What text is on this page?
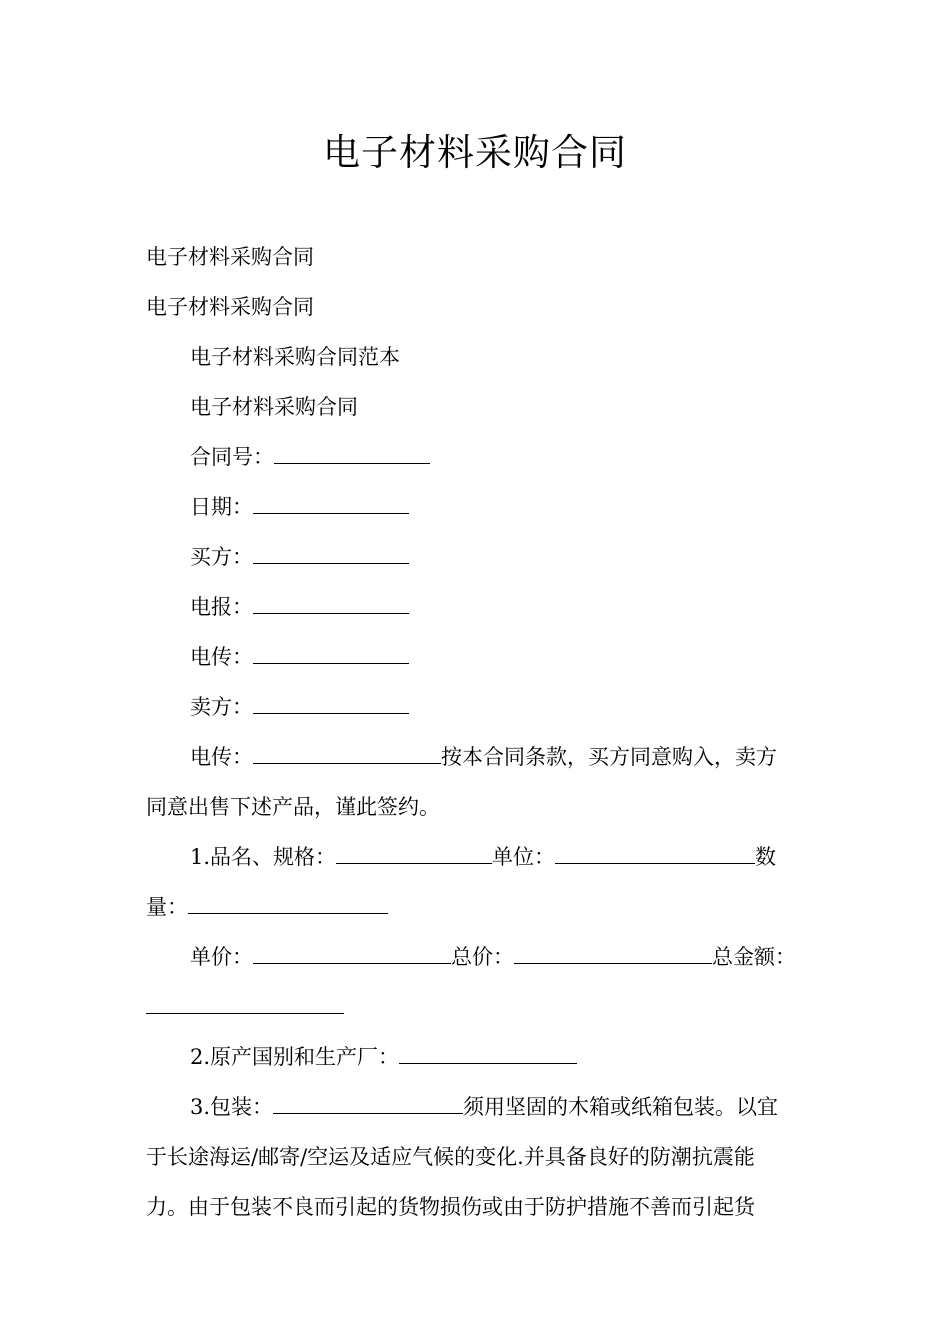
电子材料采购合同

电子材料采购合同

电子材料采购合同

电子材料采购合同范本

电子材料采购合同

合同号：

日期：

买方：

电报：

电传：

卖方：

电传：	按本合同条款，买方同意购入，卖方

同意出售下述产品，谨此签约。

1.品名、规格：	单位：	数

量：

单价：	总价：	总金额：

2.原产国别和生产厂：

3.包装：	须用坚固的木箱或纸箱包装。以宜

于长途海运/邮寄/空运及适应气候的变化.并具备良好的防潮抗震能

力。由于包装不良而引起的货物损伤或由于防护措施不善而引起货
